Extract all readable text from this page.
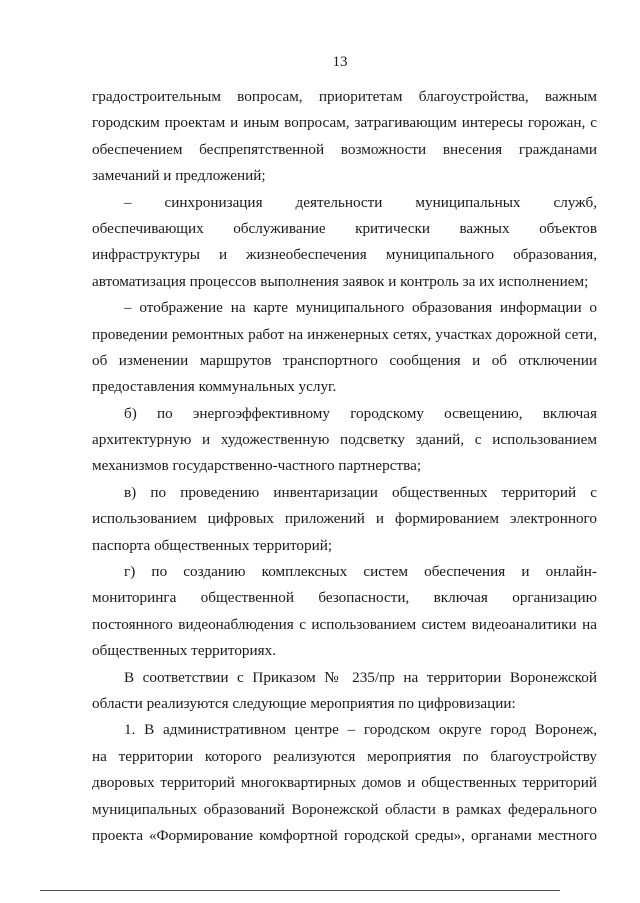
13
градостроительным вопросам, приоритетам благоустройства, важным
городским проектам и иным вопросам, затрагивающим интересы горожан, с
обеспечением беспрепятственной возможности внесения гражданами
замечаний и предложений;
– синхронизация деятельности муниципальных служб,
обеспечивающих обслуживание критически важных объектов
инфраструктуры и жизнеобеспечения муниципального образования,
автоматизация процессов выполнения заявок и контроль за их исполнением;
– отображение на карте муниципального образования информации о
проведении ремонтных работ на инженерных сетях, участках дорожной сети,
об изменении маршрутов транспортного сообщения и об отключении
предоставления коммунальных услуг.
б) по энергоэффективному городскому освещению, включая
архитектурную и художественную подсветку зданий, с использованием
механизмов государственно-частного партнерства;
в) по проведению инвентаризации общественных территорий с
использованием цифровых приложений и формированием электронного
паспорта общественных территорий;
г) по созданию комплексных систем обеспечения и онлайн-
мониторинга общественной безопасности, включая организацию
постоянного видеонаблюдения с использованием систем видеоаналитики на
общественных территориях.
В соответствии с Приказом № 235/пр на территории Воронежской
области реализуются следующие мероприятия по цифровизации:
1. В административном центре – городском округе город Воронеж,
на территории которого реализуются мероприятия по благоустройству
дворовых территорий многоквартирных домов и общественных территорий
муниципальных образований Воронежской области в рамках федерального
проекта «Формирование комфортной городской среды», органами местного
